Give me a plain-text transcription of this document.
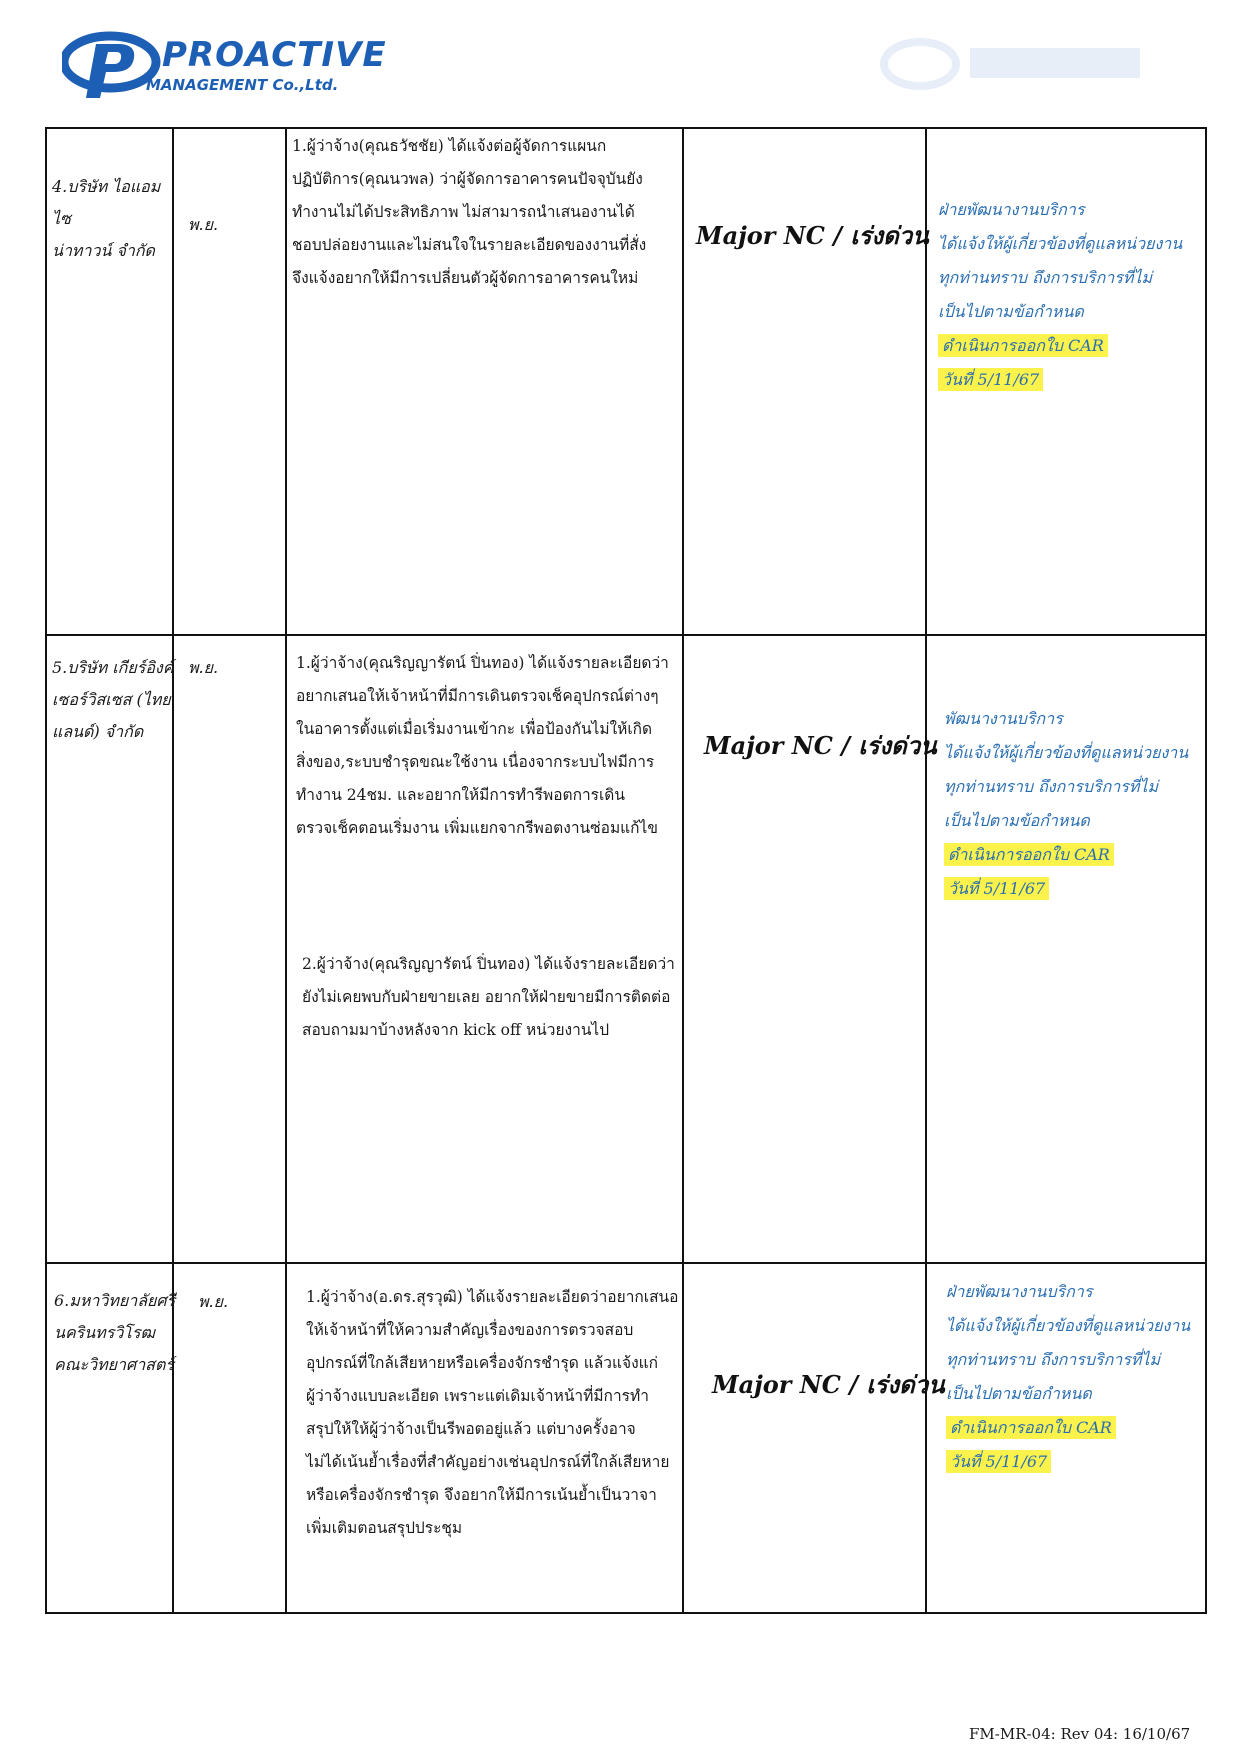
PROACTIVE
MANAGEMENT Co.,Ltd.
4.บริษัท ไอแอมไซ
น่าทาวน์ จำกัด
พ.ย.
1.ผู้ว่าจ้าง(คุณธวัชชัย) ได้แจ้งต่อผู้จัดการแผนก
ปฏิบัติการ(คุณนวพล) ว่าผู้จัดการอาคารคนปัจจุบันยัง
ทำงานไม่ได้ประสิทธิภาพ ไม่สามารถนำเสนองานได้
ชอบปล่อยงานและไม่สนใจในรายละเอียดของงานที่สั่ง
จึงแจ้งอยากให้มีการเปลี่ยนตัวผู้จัดการอาคารคนใหม่
Major NC / เร่งด่วน
ฝ่ายพัฒนางานบริการ
ได้แจ้งให้ผู้เกี่ยวข้องที่ดูแลหน่วยงาน
ทุกท่านทราบ ถึงการบริการที่ไม่
เป็นไปตามข้อกำหนด
ดำเนินการออกใบ CAR
วันที่ 5/11/67
5.บริษัท เกียร์อิงค์
เซอร์วิสเซส (ไทย
แลนด์) จำกัด
พ.ย.	1.ผู้ว่าจ้าง(คุณริญญารัตน์ ปิ่นทอง) ได้แจ้งรายละเอียดว่า
อยากเสนอให้เจ้าหน้าที่มีการเดินตรวจเช็คอุปกรณ์ต่างๆ
ในอาคารตั้งแต่เมื่อเริ่มงานเข้ากะ เพื่อป้องกันไม่ให้เกิด
สิ่งของ,ระบบชำรุดขณะใช้งาน เนื่องจากระบบไฟมีการ
ทำงาน 24ชม. และอยากให้มีการทำรีพอตการเดิน
ตรวจเช็คตอนเริ่มงาน เพิ่มแยกจากรีพอตงานซ่อมแก้ไข
2.ผู้ว่าจ้าง(คุณริญญารัตน์ ปิ่นทอง) ได้แจ้งรายละเอียดว่า
ยังไม่เคยพบกับฝ่ายขายเลย อยากให้ฝ่ายขายมีการติดต่อ
สอบถามมาบ้างหลังจาก kick off หน่วยงานไป
Major NC / เร่งด่วน
พัฒนางานบริการ
ได้แจ้งให้ผู้เกี่ยวข้องที่ดูแลหน่วยงาน
ทุกท่านทราบ ถึงการบริการที่ไม่
เป็นไปตามข้อกำหนด
ดำเนินการออกใบ CAR
วันที่ 5/11/67
6.มหาวิทยาลัยศรี
นครินทรวิโรฒ
คณะวิทยาศาสตร์
พ.ย.	1.ผู้ว่าจ้าง(อ.ดร.สุรวุฒิ) ได้แจ้งรายละเอียดว่าอยากเสนอ
ให้เจ้าหน้าที่ให้ความสำคัญเรื่องของการตรวจสอบ
อุปกรณ์ที่ใกล้เสียหายหรือเครื่องจักรชำรุด แล้วแจ้งแก่
ผู้ว่าจ้างแบบละเอียด เพราะแต่เดิมเจ้าหน้าที่มีการทำ
สรุปให้ให้ผู้ว่าจ้างเป็นรีพอตอยู่แล้ว แต่บางครั้งอาจ
ไม่ได้เน้นย้ำเรื่องที่สำคัญอย่างเช่นอุปกรณ์ที่ใกล้เสียหาย
หรือเครื่องจักรชำรุด จึงอยากให้มีการเน้นย้ำเป็นวาจา
เพิ่มเติมตอนสรุปประชุม
Major NC / เร่งด่วน
ฝ่ายพัฒนางานบริการ
ได้แจ้งให้ผู้เกี่ยวข้องที่ดูแลหน่วยงาน
ทุกท่านทราบ ถึงการบริการที่ไม่
เป็นไปตามข้อกำหนด
ดำเนินการออกใบ CAR
วันที่ 5/11/67
FM-MR-04: Rev 04: 16/10/67
